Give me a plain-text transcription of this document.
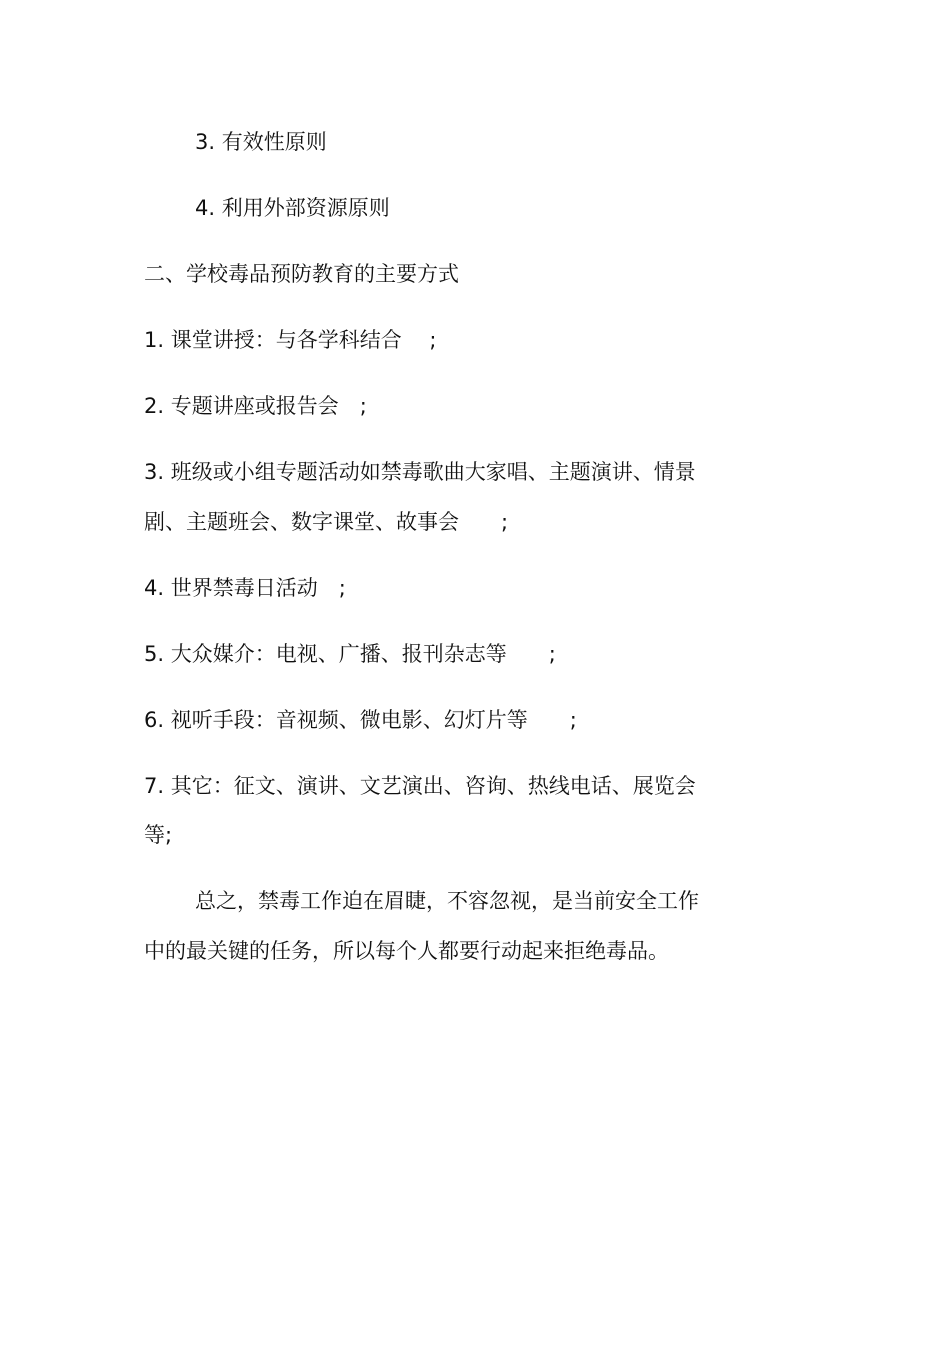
3. 有效性原则
4. 利用外部资源原则
二、学校毒品预防教育的主要方式
1. 课堂讲授：与各学科结合　 ;
2. 专题讲座或报告会　;
3. 班级或小组专题活动如禁毒歌曲大家唱、主题演讲、情景
剧、主题班会、数字课堂、故事会　　;
4. 世界禁毒日活动　;
5. 大众媒介：电视、广播、报刊杂志等　　;
6. 视听手段：音视频、微电影、幻灯片等　　;
7. 其它：征文、演讲、文艺演出、咨询、热线电话、展览会
等;
总之，禁毒工作迫在眉睫，不容忽视，是当前安全工作
中的最关键的任务，所以每个人都要行动起来拒绝毒品。
